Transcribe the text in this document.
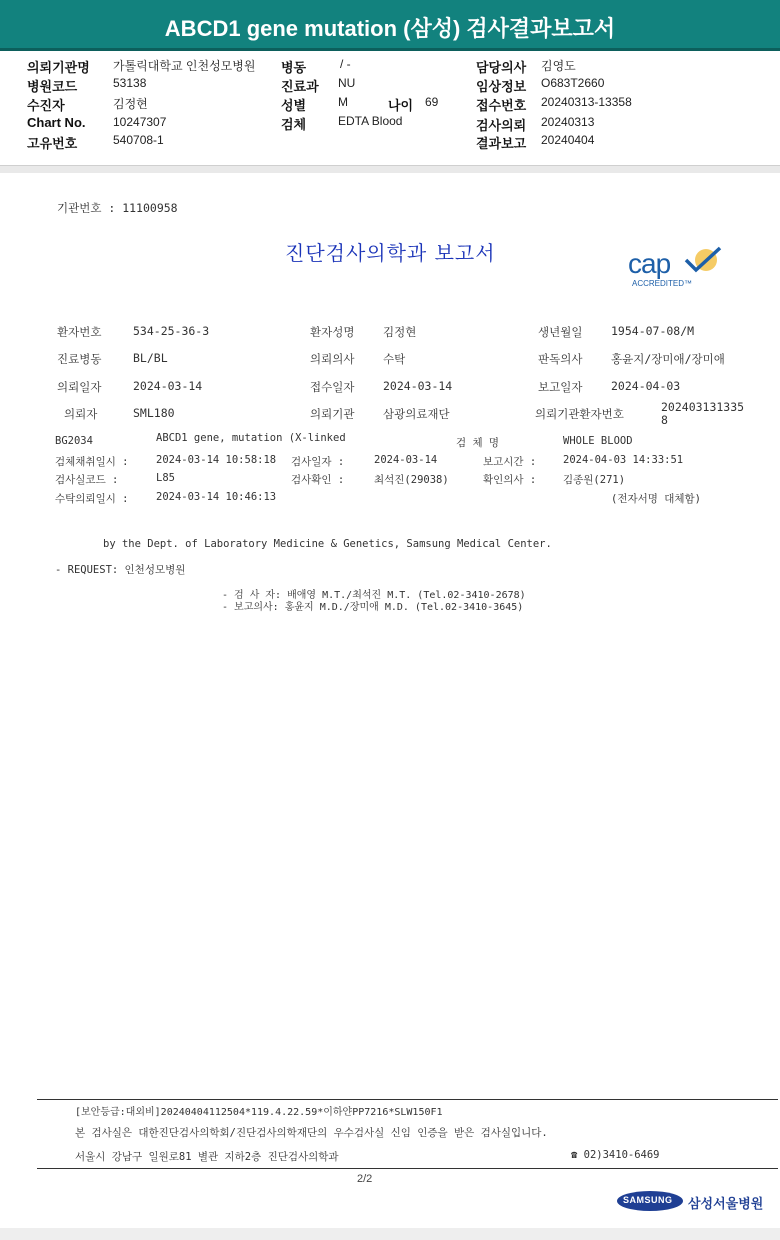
ABCD1 gene mutation (삼성) 검사결과보고서
의뢰기관명 가톨릭대학교 인천성모병원
병원코드	53138
수진자	김정현
Chart No. 10247307
고유번호	540708-1
병동	/ -
진료과 NU
성별	M	나이 69
검체	EDTA Blood
담당의사 김영도
임상정보 O683T2660
접수번호 20240313-13358
검사의뢰 20240313
결과보고 20240404
기관번호 : 11100958
진단검사의학과 보고서	cap
ACCREDITED™
환자번호	534-25-36-3	환자성명 김정현	생년월일 1954-07-08/M
진료병동	BL/BL	의뢰의사 수탁	판독의사 홍윤지/장미애/장미애
의뢰일자	2024-03-14	접수일자 2024-03-14	보고일자 2024-04-03
의뢰자	SML180	의뢰기관 삼광의료재단	의뢰기관환자번호	202403131335
8
BG2034	ABCD1 gene, mutation (X-linked	검 체 명	WHOLE BLOOD
검체채취일시 :	2024-03-14 10:58:18 검사일자 :	2024-03-14	보고시간 :	2024-04-03 14:33:51
검사실코드 :	L85	검사확인 :	최석진(29038)	확인의사 :	김종원(271)
수탁의뢰일시 :	2024-03-14 10:46:13	(전자서명 대체함)
by the Dept. of Laboratory Medicine & Genetics, Samsung Medical Center.
- REQUEST: 인천성모병원
- 검 사 자: 배애영 M.T./최석진 M.T. (Tel.02-3410-2678)
- 보고의사: 홍윤지 M.D./장미애 M.D. (Tel.02-3410-3645)
[보안등급:대외비]20240404112504*119.4.22.59*이하얀PP7216*SLW150F1
본 검사실은 대한진단검사의학회/진단검사의학재단의 우수검사실 신임 인증을 받은 검사실입니다.
서울시 강남구 일원로81 별관 지하2층 진단검사의학과	☎ 02)3410-6469
2/2
SAMSUNG 삼성서울병원
